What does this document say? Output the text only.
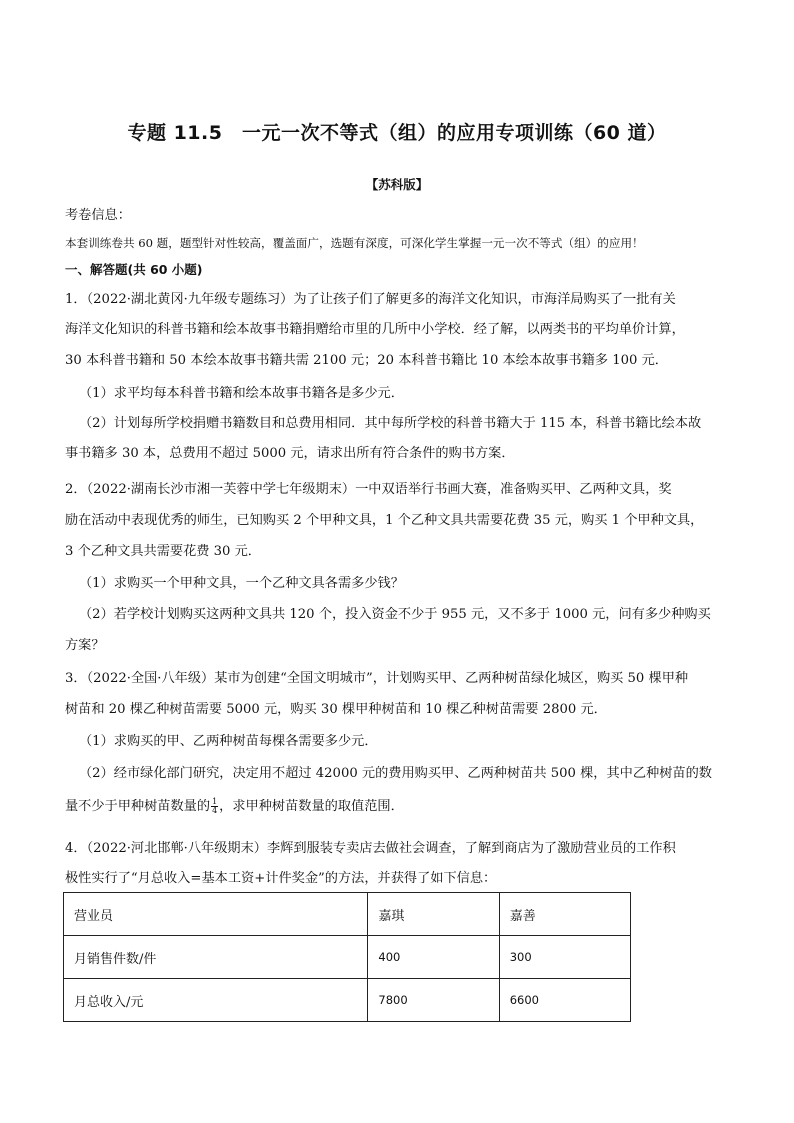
专题 11.5　一元一次不等式（组）的应用专项训练（60 道）
【苏科版】
考卷信息：
本套训练卷共 60 题，题型针对性较高，覆盖面广，选题有深度，可深化学生掌握一元一次不等式（组）的应用！
一、解答题(共 60 小题)
1．（2022·湖北黄冈·九年级专题练习）为了让孩子们了解更多的海洋文化知识，市海洋局购买了一批有关
海洋文化知识的科普书籍和绘本故事书籍捐赠给市里的几所中小学校．经了解，以两类书的平均单价计算，
30 本科普书籍和 50 本绘本故事书籍共需 2100 元；20 本科普书籍比 10 本绘本故事书籍多 100 元．
（1）求平均每本科普书籍和绘本故事书籍各是多少元．
（2）计划每所学校捐赠书籍数目和总费用相同．其中每所学校的科普书籍大于 115 本，科普书籍比绘本故
事书籍多 30 本，总费用不超过 5000 元，请求出所有符合条件的购书方案．
2．（2022·湖南长沙市湘一芙蓉中学七年级期末）一中双语举行书画大赛，准备购买甲、乙两种文具，奖
励在活动中表现优秀的师生，已知购买 2 个甲种文具，1 个乙种文具共需要花费 35 元，购买 1 个甲种文具，
3 个乙种文具共需要花费 30 元．
（1）求购买一个甲种文具，一个乙种文具各需多少钱？
（2）若学校计划购买这两种文具共 120 个，投入资金不少于 955 元，又不多于 1000 元，问有多少种购买
方案？
3．（2022·全国·八年级）某市为创建“全国文明城市”，计划购买甲、乙两种树苗绿化城区，购买 50 棵甲种
树苗和 20 棵乙种树苗需要 5000 元，购买 30 棵甲种树苗和 10 棵乙种树苗需要 2800 元．
（1）求购买的甲、乙两种树苗每棵各需要多少元．
（2）经市绿化部门研究，决定用不超过 42000 元的费用购买甲、乙两种树苗共 500 棵，其中乙种树苗的数
量不少于甲种树苗数量的 $\frac{1}{4}$ ，求甲种树苗数量的取值范围．
4．（2022·河北邯郸·八年级期末）李辉到服装专卖店去做社会调查，了解到商店为了激励营业员的工作积
极性实行了“月总收入=基本工资+计件奖金”的方法，并获得了如下信息：
营业员	嘉琪	嘉善
月销售件数/件	400	300
月总收入/元	7800	6600
